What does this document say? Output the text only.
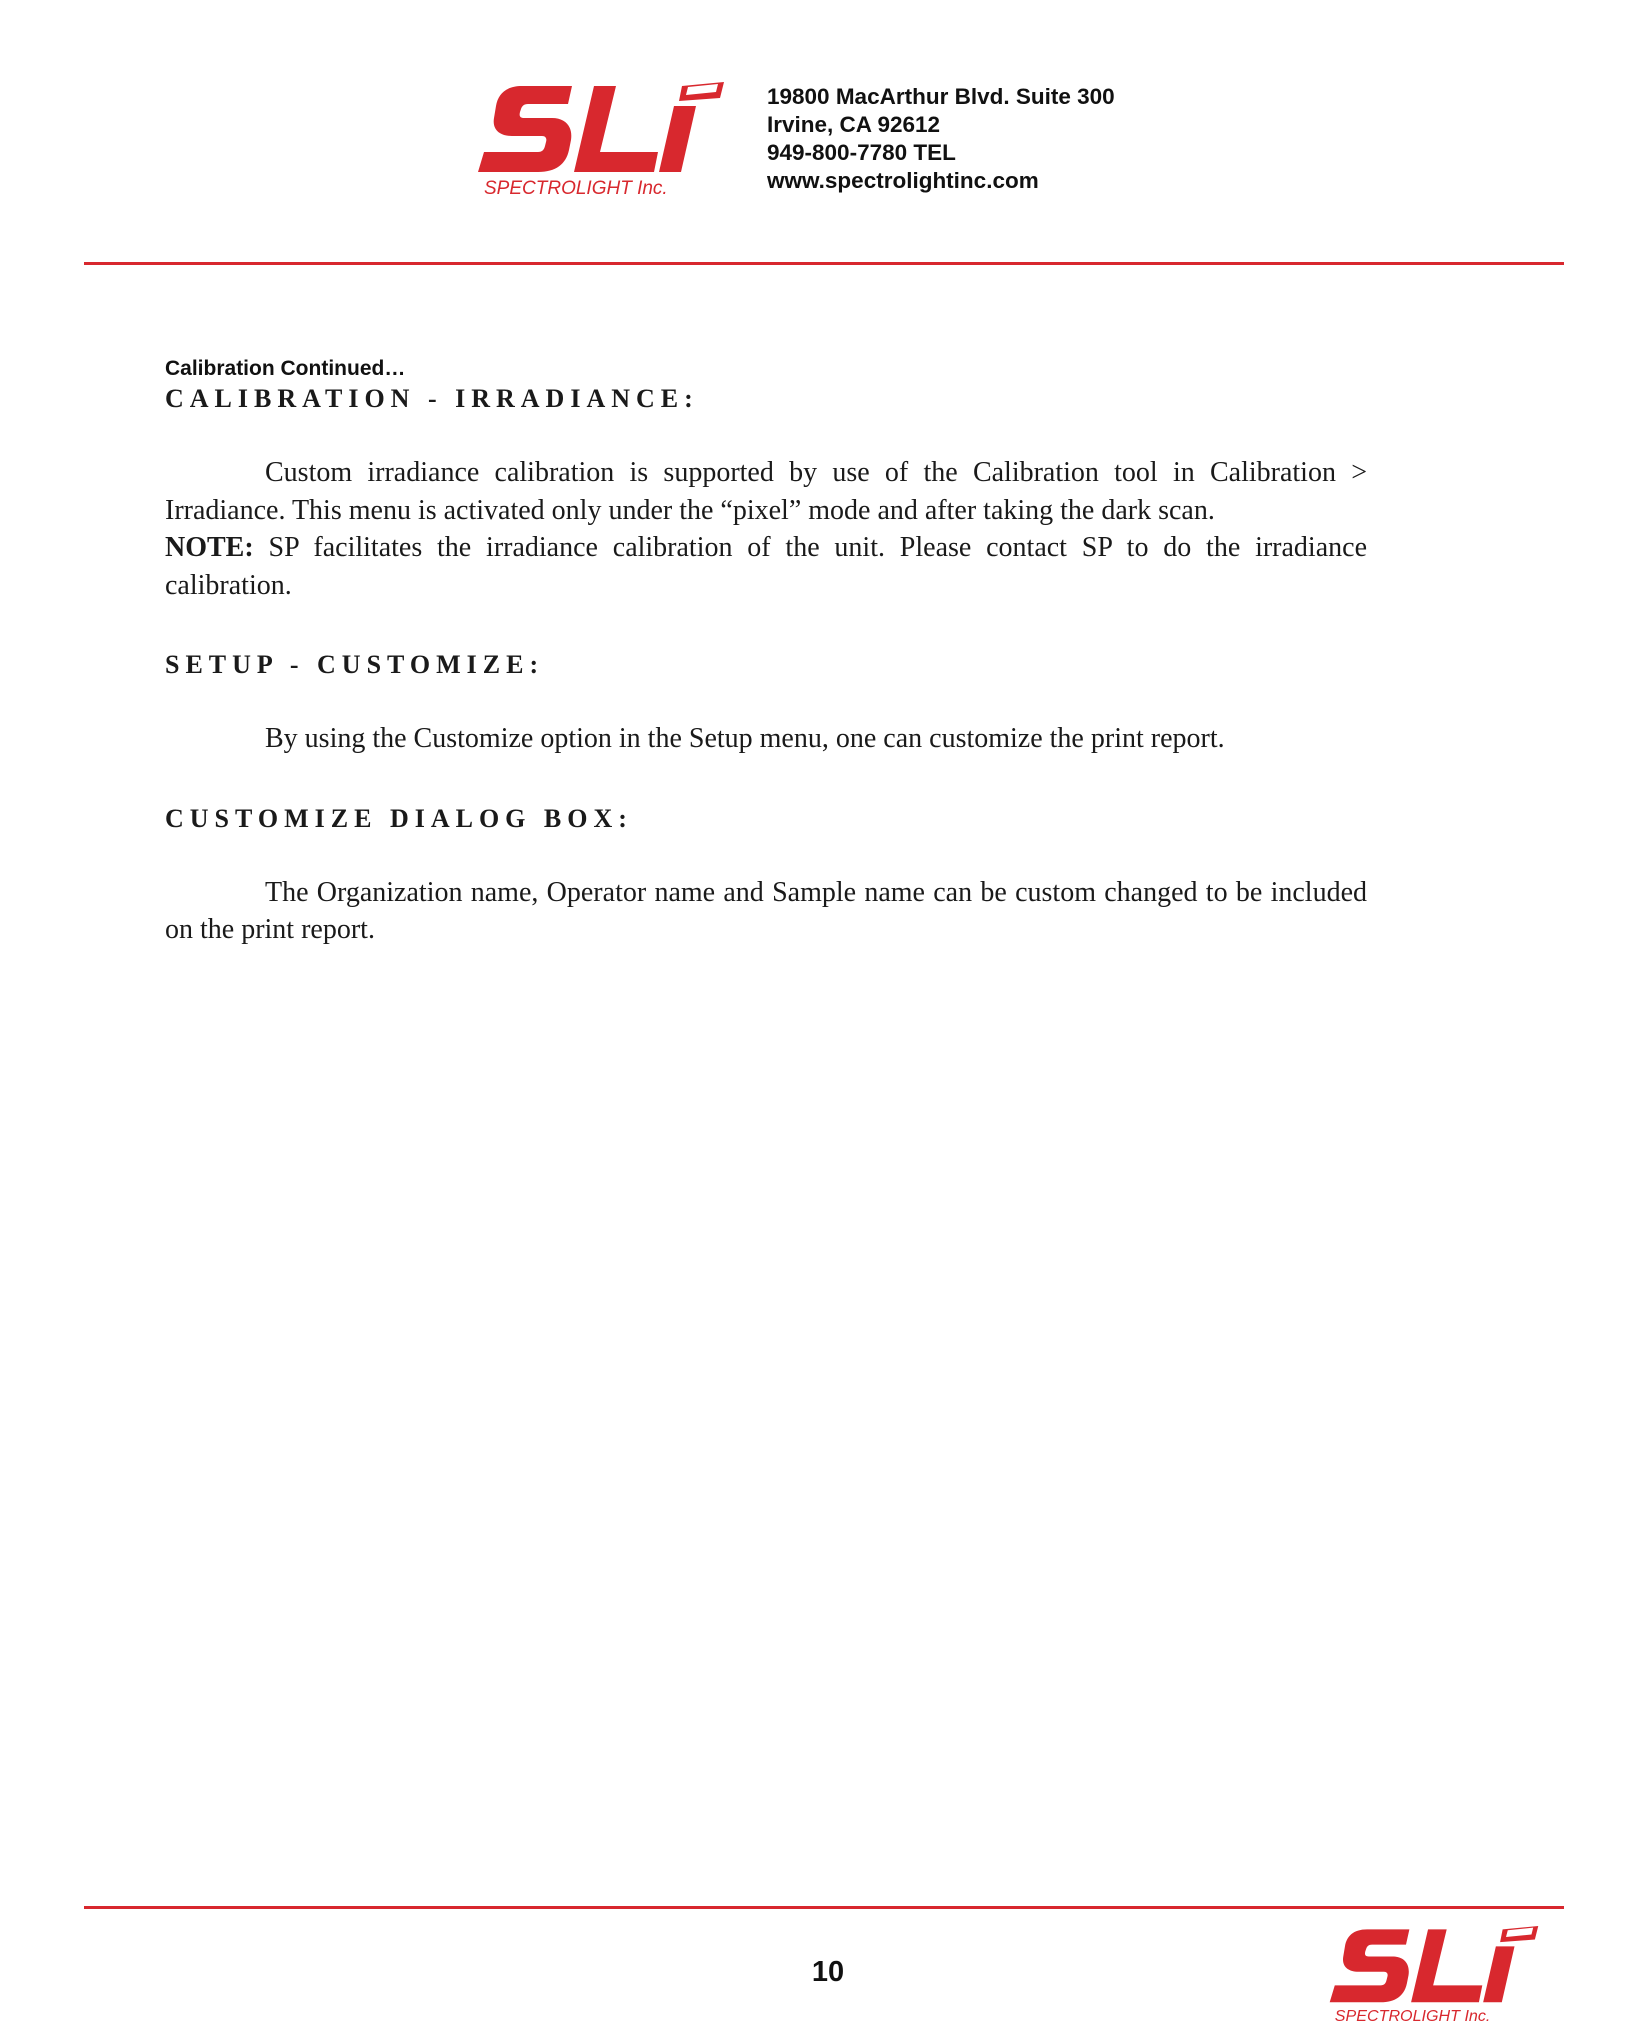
SPECTROLIGHT Inc.
19800 MacArthur Blvd. Suite 300
Irvine, CA 92612
949-800-7780 TEL
www.spectrolightinc.com
Calibration Continued…
CALIBRATION - IRRADIANCE:

Custom irradiance calibration is supported by use of the Calibration tool in Calibration > Irradiance. This menu is activated only under the “pixel” mode and after taking the dark scan.

NOTE: SP facilitates the irradiance calibration of the unit. Please contact SP to do the irradiance calibration.

SETUP - CUSTOMIZE:

By using the Customize option in the Setup menu, one can customize the print report.

CUSTOMIZE DIALOG BOX:

The Organization name, Operator name and Sample name can be custom changed to be included on the print report.

10
SPECTROLIGHT Inc.
